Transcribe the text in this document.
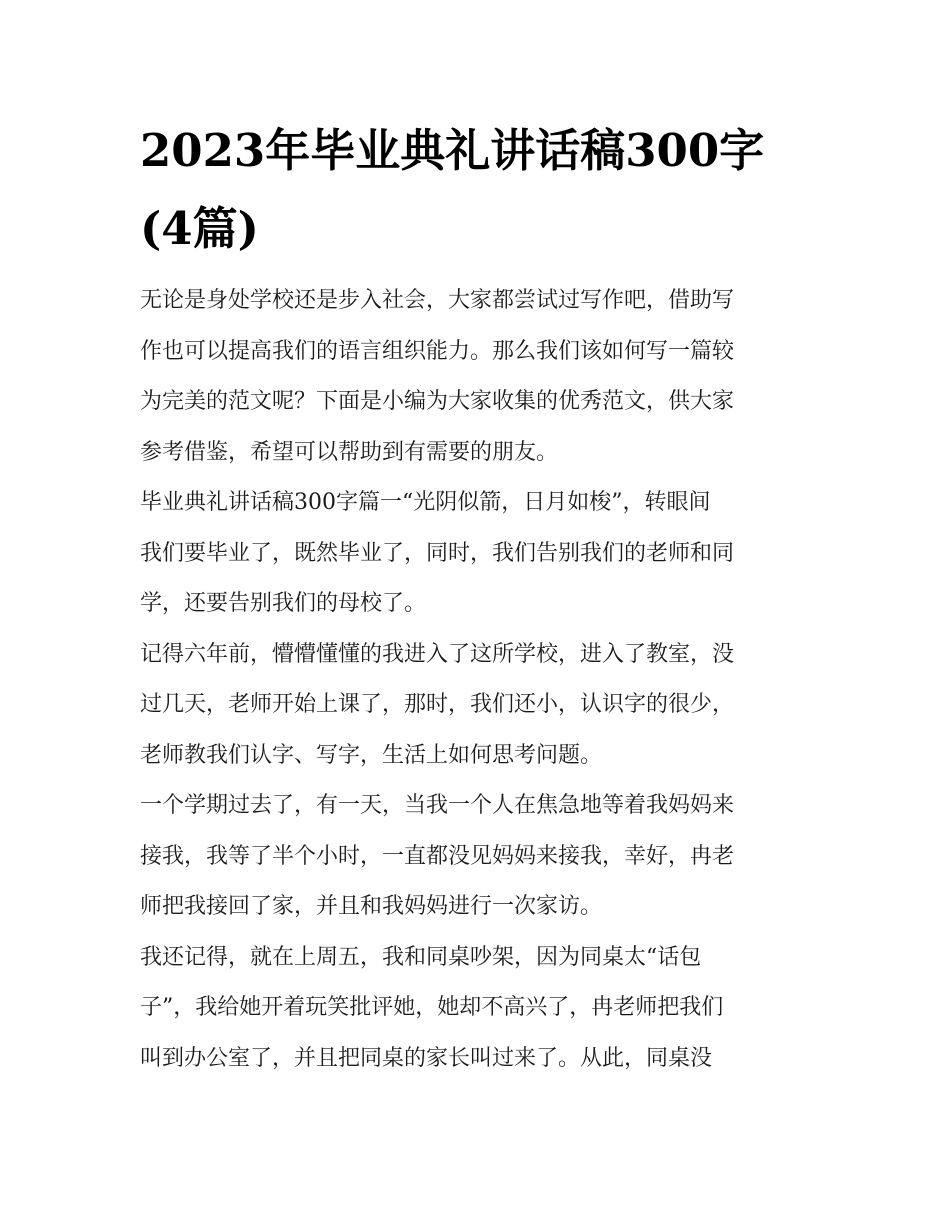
2023年毕业典礼讲话稿300字
(4篇)
无论是身处学校还是步入社会，大家都尝试过写作吧，借助写
作也可以提高我们的语言组织能力。那么我们该如何写一篇较
为完美的范文呢？下面是小编为大家收集的优秀范文，供大家
参考借鉴，希望可以帮助到有需要的朋友。
毕业典礼讲话稿300字篇一“光阴似箭，日月如梭”，转眼间
我们要毕业了，既然毕业了，同时，我们告别我们的老师和同
学，还要告别我们的母校了。
记得六年前，懵懵懂懂的我进入了这所学校，进入了教室，没
过几天，老师开始上课了，那时，我们还小，认识字的很少，
老师教我们认字、写字，生活上如何思考问题。
一个学期过去了，有一天，当我一个人在焦急地等着我妈妈来
接我，我等了半个小时，一直都没见妈妈来接我，幸好，冉老
师把我接回了家，并且和我妈妈进行一次家访。
我还记得，就在上周五，我和同桌吵架，因为同桌太“话包
子”，我给她开着玩笑批评她，她却不高兴了，冉老师把我们
叫到办公室了，并且把同桌的家长叫过来了。从此，同桌没
